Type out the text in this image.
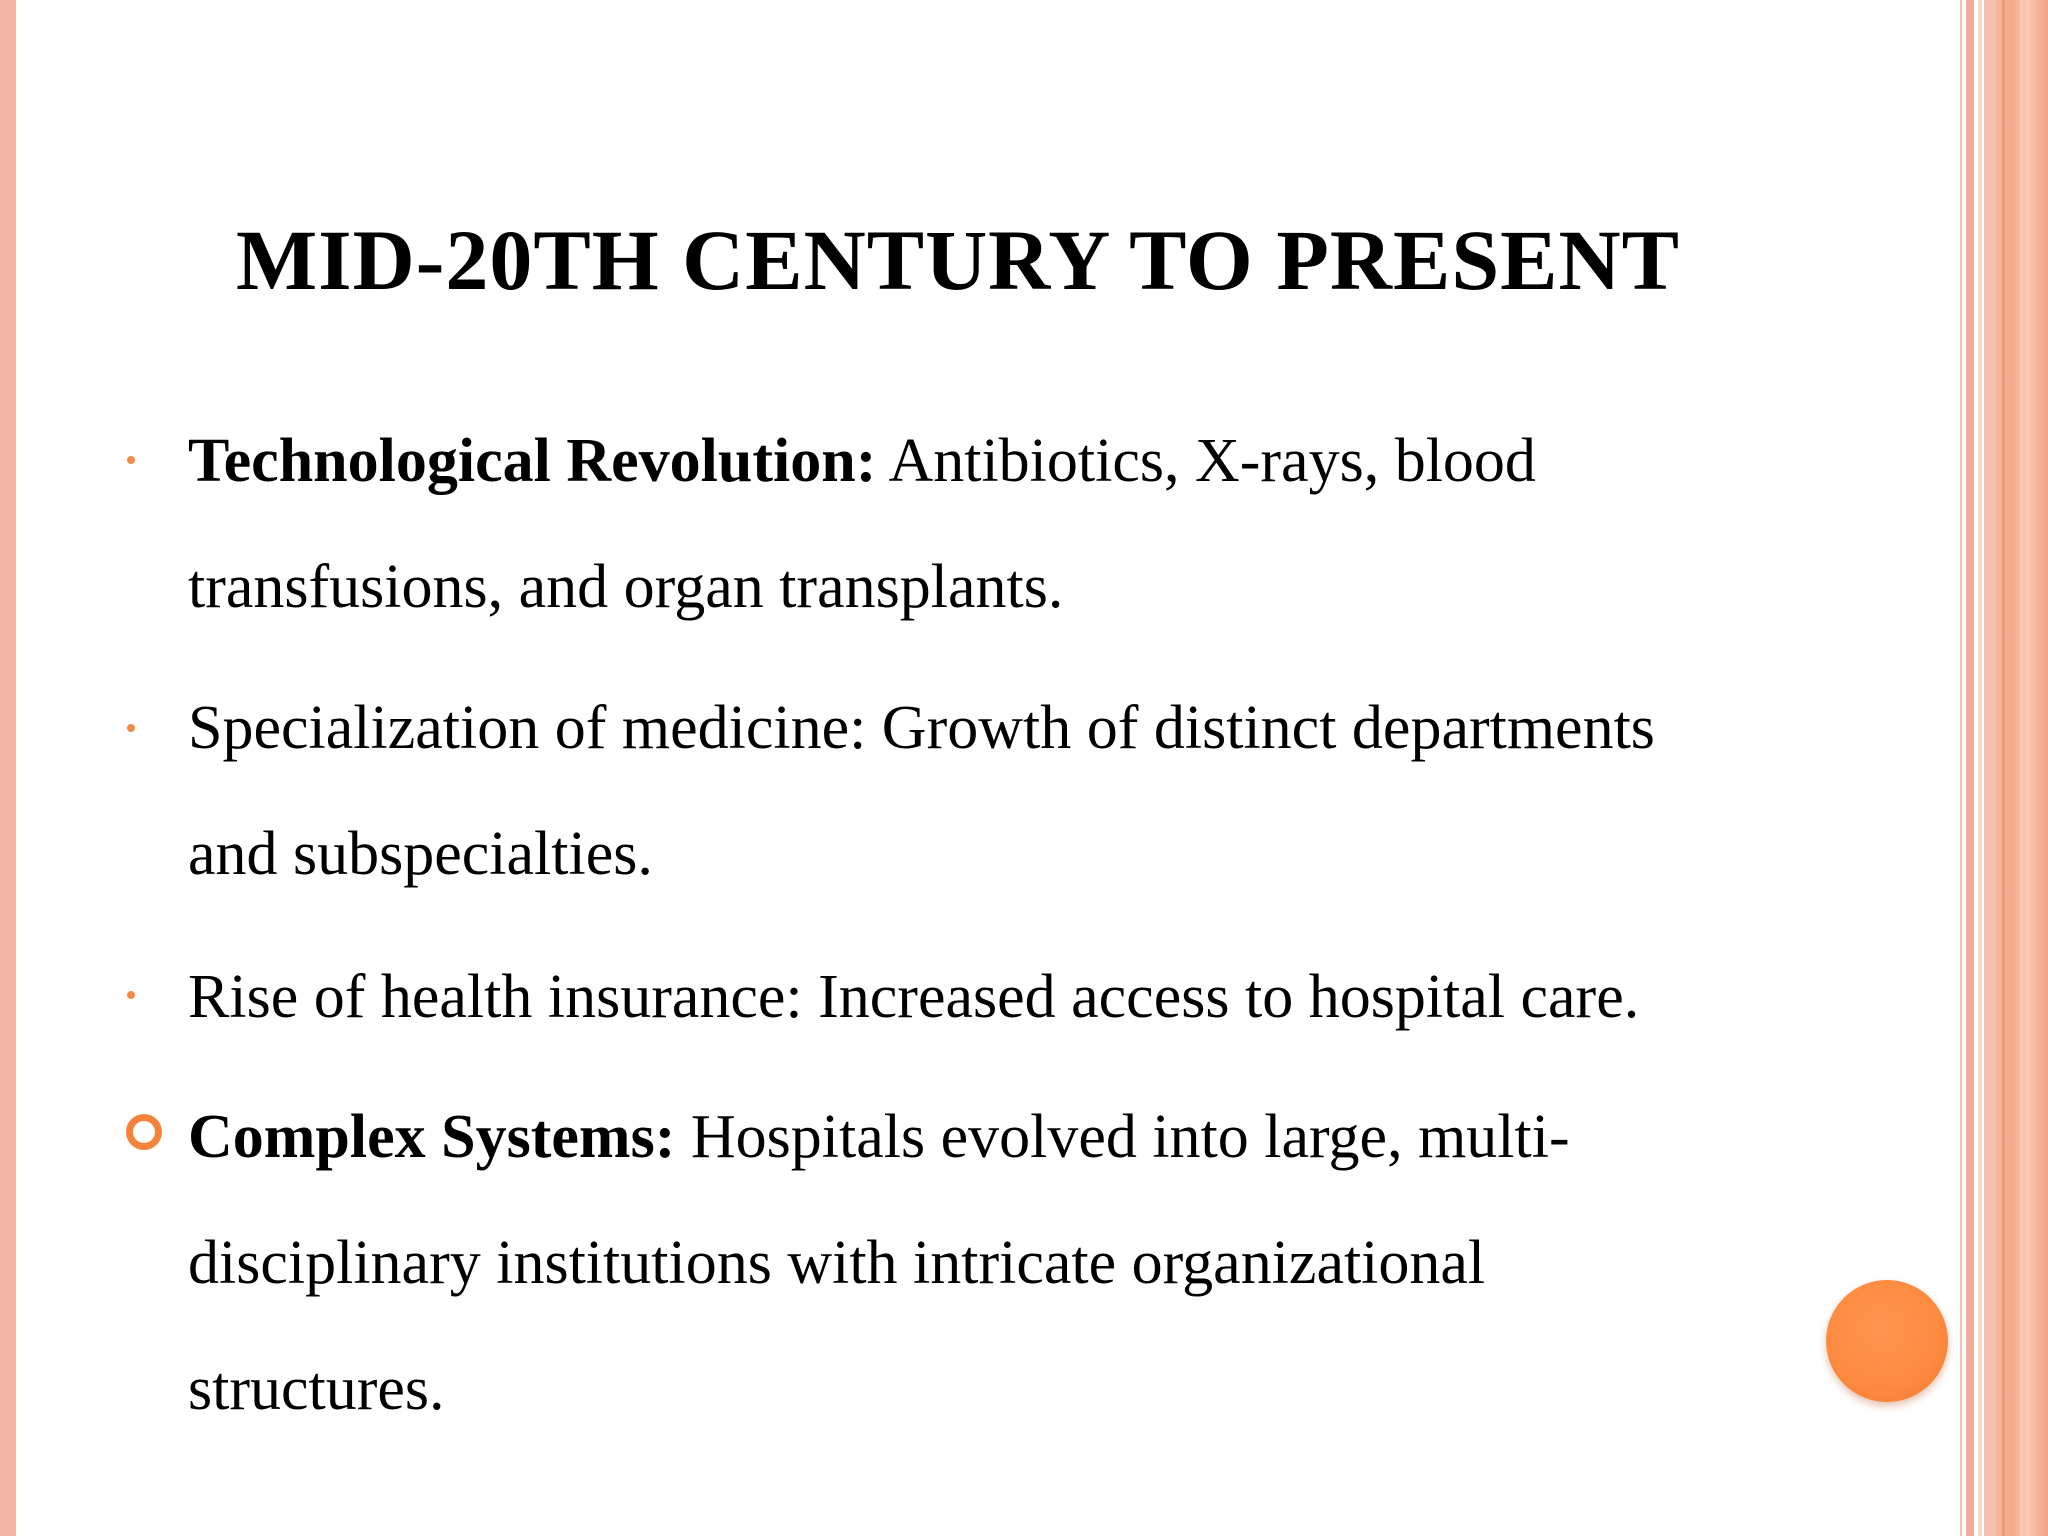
MID-20TH CENTURY TO PRESENT
Technological Revolution: Antibiotics, X-rays, blood
transfusions, and organ transplants.
Specialization of medicine: Growth of distinct departments
and subspecialties.
Rise of health insurance: Increased access to hospital care.
Complex Systems: Hospitals evolved into large, multi-
disciplinary institutions with intricate organizational
structures.
